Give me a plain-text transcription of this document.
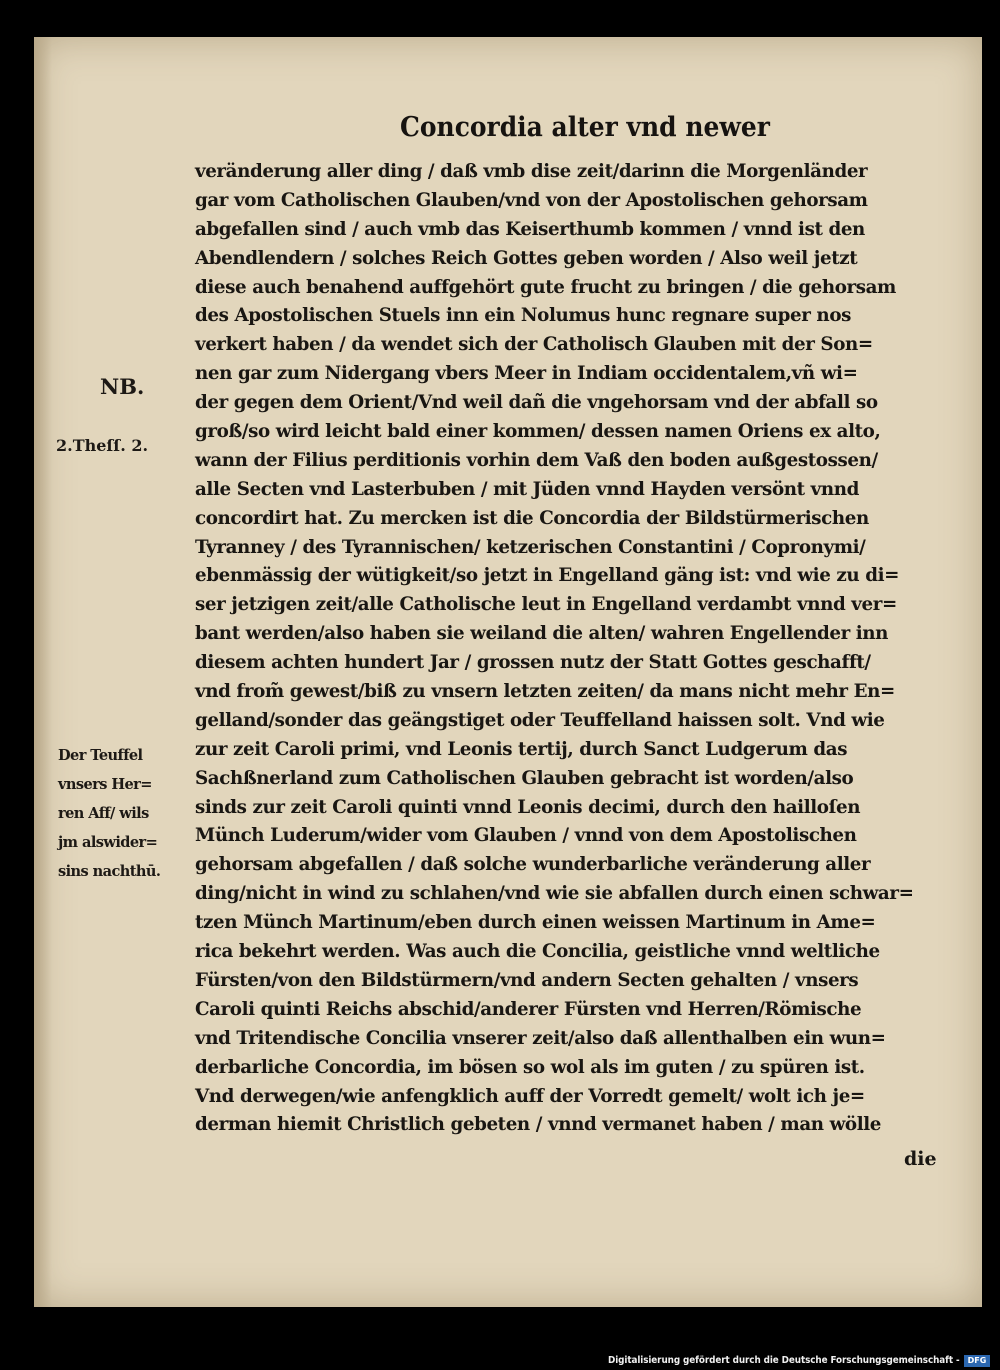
Concordia alter vnd newer
veränderung aller ding / daß vmb dise zeit/darinn die Morgenländer
gar vom Catholischen Glauben/vnd von der Apostolischen gehorsam
abgefallen sind / auch vmb das Keiserthumb kommen / vnnd ist den
Abendlendern / solches Reich Gottes geben worden / Also weil jetzt
diese auch benahend auffgehört gute frucht zu bringen / die gehorsam
des Apostolischen Stuels inn ein Nolumus hunc regnare super nos
verkert haben / da wendet sich der Catholisch Glauben mit der Son=
nen gar zum Nidergang vbers Meer in Indiam occidentalem,vñ wi=
der gegen dem Orient/Vnd weil dañ die vngehorsam vnd der abfall so
groß/so wird leicht bald einer kommen/ dessen namen Oriens ex alto,
wann der Filius perditionis vorhin dem Vaß den boden außgestossen/
alle Secten vnd Lasterbuben / mit Jüden vnnd Hayden versönt vnnd
concordirt hat. Zu mercken ist die Concordia der Bildstürmerischen
Tyranney / des Tyrannischen/ ketzerischen Constantini / Copronymi/
ebenmässig der wütigkeit/so jetzt in Engelland gäng ist: vnd wie zu di=
ser jetzigen zeit/alle Catholische leut in Engelland verdambt vnnd ver=
bant werden/also haben sie weiland die alten/ wahren Engellender inn
diesem achten hundert Jar / grossen nutz der Statt Gottes geschafft/
vnd from̃ gewest/biß zu vnsern letzten zeiten/ da mans nicht mehr En=
gelland/sonder das geängstiget oder Teuffelland haissen solt. Vnd wie
zur zeit Caroli primi, vnd Leonis tertij, durch Sanct Ludgerum das
Sachßnerland zum Catholischen Glauben gebracht ist worden/also
sinds zur zeit Caroli quinti vnnd Leonis decimi, durch den hailloſen
Münch Luderum/wider vom Glauben / vnnd von dem Apostolischen
gehorsam abgefallen / daß solche wunderbarliche veränderung aller
ding/nicht in wind zu schlahen/vnd wie sie abfallen durch einen schwar=
tzen Münch Martinum/eben durch einen weissen Martinum in Ame=
rica bekehrt werden. Was auch die Concilia, geistliche vnnd weltliche
Fürsten/von den Bildstürmern/vnd andern Secten gehalten / vnsers
Caroli quinti Reichs abschid/anderer Fürsten vnd Herren/Römische
vnd Tritendische Concilia vnserer zeit/also daß allenthalben ein wun=
derbarliche Concordia, im bösen so wol als im guten / zu spüren ist.
Vnd derwegen/wie anfengklich auff der Vorredt gemelt/ wolt ich je=
derman hiemit Christlich gebeten / vnnd vermanet haben / man wölle
NB.
2.Theſſ. 2.
Der Teuffel
vnsers Her=
ren Aff/ wils
jm alswider=
sins nachthū.
die
Digitalisierung gefördert durch die Deutsche Forschungsgemeinschaft -	DFG
